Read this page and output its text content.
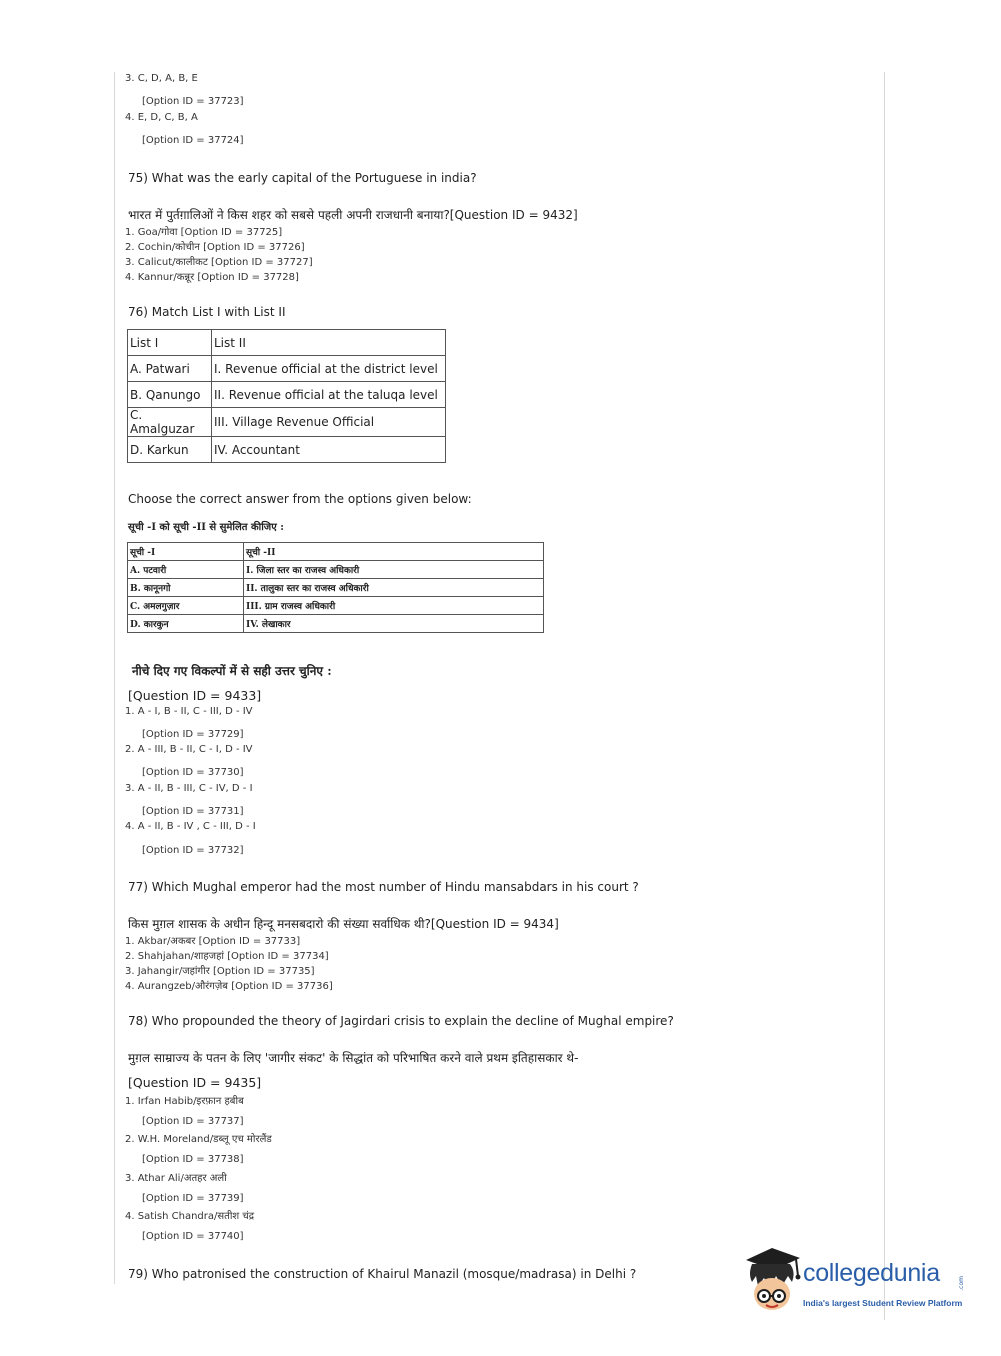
3. C, D, A, B, E
[Option ID = 37723]
4. E, D, C, B, A
[Option ID = 37724]
75) What was the early capital of the Portuguese in india?
भारत में पुर्तग़ालिओं ने किस शहर को सबसे पहली अपनी राजधानी बनाया?[Question ID = 9432]
1. Goa/गोवा [Option ID = 37725]
2. Cochin/कोचीन [Option ID = 37726]
3. Calicut/कालीकट [Option ID = 37727]
4. Kannur/कन्नूर [Option ID = 37728]
76) Match List I with List II
List I	List II
A. Patwari	I. Revenue official at the district level
B. Qanungo	II. Revenue official at the taluqa level
C. Amalguzar	III. Village Revenue Official
D. Karkun	IV. Accountant
Choose the correct answer from the options given below:
सूची -I को सूची -II से सुमेलित कीजिए :
सूची -I	सूची -II
A. पटवारी	I. जिला स्तर का राजस्व अधिकारी
B. कानूनगो	II. तालुका स्तर का राजस्व अधिकारी
C. अमलगुज़ार	III. ग्राम राजस्व अधिकारी
D. कारकुन	IV. लेखाकार
नीचे दिए गए विकल्पों में से सही उत्तर चुनिए :
[Question ID = 9433]
1. A - I, B - II, C - III, D - IV
[Option ID = 37729]
2. A - III, B - II, C - I, D - IV
[Option ID = 37730]
3. A - II, B - III, C - IV, D - I
[Option ID = 37731]
4. A - II, B - IV , C - III, D - I
[Option ID = 37732]
77) Which Mughal emperor had the most number of Hindu mansabdars in his court ?
किस मुग़ल शासक के अधीन हिन्दू मनसबदारो की संख्या सर्वाधिक थी?[Question ID = 9434]
1. Akbar/अकबर [Option ID = 37733]
2. Shahjahan/शाहजहां [Option ID = 37734]
3. Jahangir/जहांगीर [Option ID = 37735]
4. Aurangzeb/औरंगज़ेब [Option ID = 37736]
78) Who propounded the theory of Jagirdari crisis to explain the decline of Mughal empire?
मुग़ल साम्राज्य के पतन के लिए 'जागीर संकट' के सिद्धांत को परिभाषित करने वाले प्रथम इतिहासकार थे-
[Question ID = 9435]
1. Irfan Habib/इरफ़ान हबीब
[Option ID = 37737]
2. W.H. Moreland/डब्लू एच मोरलैंड
[Option ID = 37738]
3. Athar Ali/अतहर अली
[Option ID = 37739]
4. Satish Chandra/सतीश चंद्र
[Option ID = 37740]
79) Who patronised the construction of Khairul Manazil (mosque/madrasa) in Delhi ?	collegedunia	.com
India's largest Student Review Platform
